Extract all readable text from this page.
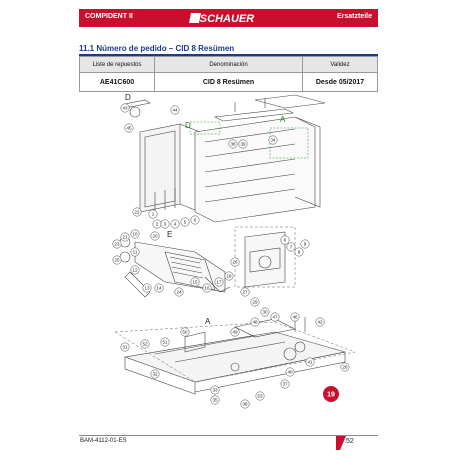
COMPIDENT II	SCHAUER	Ersatzteile
11.1 Número de pedido – CID 8 Resümen
Liste de repuestos	Denominación	Validez
AE41C600	CID 8 Resümen	Desde 05/2017
D
D
A
E
A
43	44
45
1
2
39
38
34
3 4 5 6
6
7
8
9
10
11
12
13 14
15
16
17
18
21
22
23
25	26
27
29
30
31
32
33
35
36
37
40
41
42
46
47
48
49
50
51
52
53
24
20
28
19
BAM-4112-01-ES	52
